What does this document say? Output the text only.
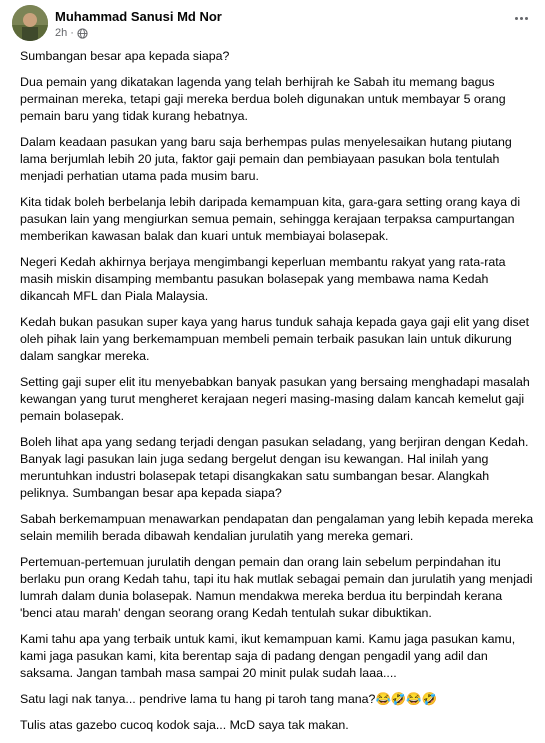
Muhammad Sanusi Md Nor
2h ·

Sumbangan besar apa kepada siapa?

Dua pemain yang dikatakan lagenda yang telah berhijrah ke Sabah itu memang bagus permainan mereka, tetapi gaji mereka berdua boleh digunakan untuk membayar 5 orang pemain baru yang tidak kurang hebatnya.

Dalam keadaan pasukan yang baru saja berhempas pulas menyelesaikan hutang piutang lama berjumlah lebih 20 juta, faktor gaji pemain dan pembiayaan pasukan bola tentulah menjadi perhatian utama pada musim baru.

Kita tidak boleh berbelanja lebih daripada kemampuan kita, gara-gara setting orang kaya di pasukan lain yang mengiurkan semua pemain, sehingga kerajaan terpaksa campurtangan memberikan kawasan balak dan kuari untuk membiayai bolasepak.

Negeri Kedah akhirnya berjaya mengimbangi keperluan membantu rakyat yang rata-rata masih miskin disamping membantu pasukan bolasepak yang membawa nama Kedah dikancah MFL dan Piala Malaysia.

Kedah bukan pasukan super kaya yang harus tunduk sahaja kepada gaya gaji elit yang diset oleh pihak lain yang berkemampuan membeli pemain terbaik pasukan lain untuk dikurung dalam sangkar mereka.

Setting gaji super elit itu menyebabkan banyak pasukan yang bersaing menghadapi masalah kewangan yang turut mengheret kerajaan negeri masing-masing dalam kancah kemelut gaji pemain bolasepak.

Boleh lihat apa yang sedang terjadi dengan pasukan seladang, yang berjiran dengan Kedah. Banyak lagi pasukan lain juga sedang bergelut dengan isu kewangan. Hal inilah yang meruntuhkan industri bolasepak tetapi disangkakan satu sumbangan besar. Alangkah peliknya. Sumbangan besar apa kepada siapa?

Sabah berkemampuan menawarkan pendapatan dan pengalaman yang lebih kepada mereka selain memilih berada dibawah kendalian jurulatih yang mereka gemari.

Pertemuan-pertemuan jurulatih dengan pemain dan orang lain sebelum perpindahan itu berlaku pun orang Kedah tahu, tapi itu hak mutlak sebagai pemain dan jurulatih yang menjadi lumrah dalam dunia bolasepak. Namun mendakwa mereka berdua itu berpindah kerana 'benci atau marah' dengan seorang orang Kedah tentulah sukar dibuktikan.

Kami tahu apa yang terbaik untuk kami, ikut kemampuan kami. Kamu jaga pasukan kamu, kami jaga pasukan kami, kita berentap saja di padang dengan pengadil yang adil dan saksama. Jangan tambah masa sampai 20 minit pulak sudah laaa....

Satu lagi nak tanya... pendrive lama tu hang pi taroh tang mana?😂🤣😂🤣

Tulis atas gazebo cucoq kodok saja... McD saya tak makan.
